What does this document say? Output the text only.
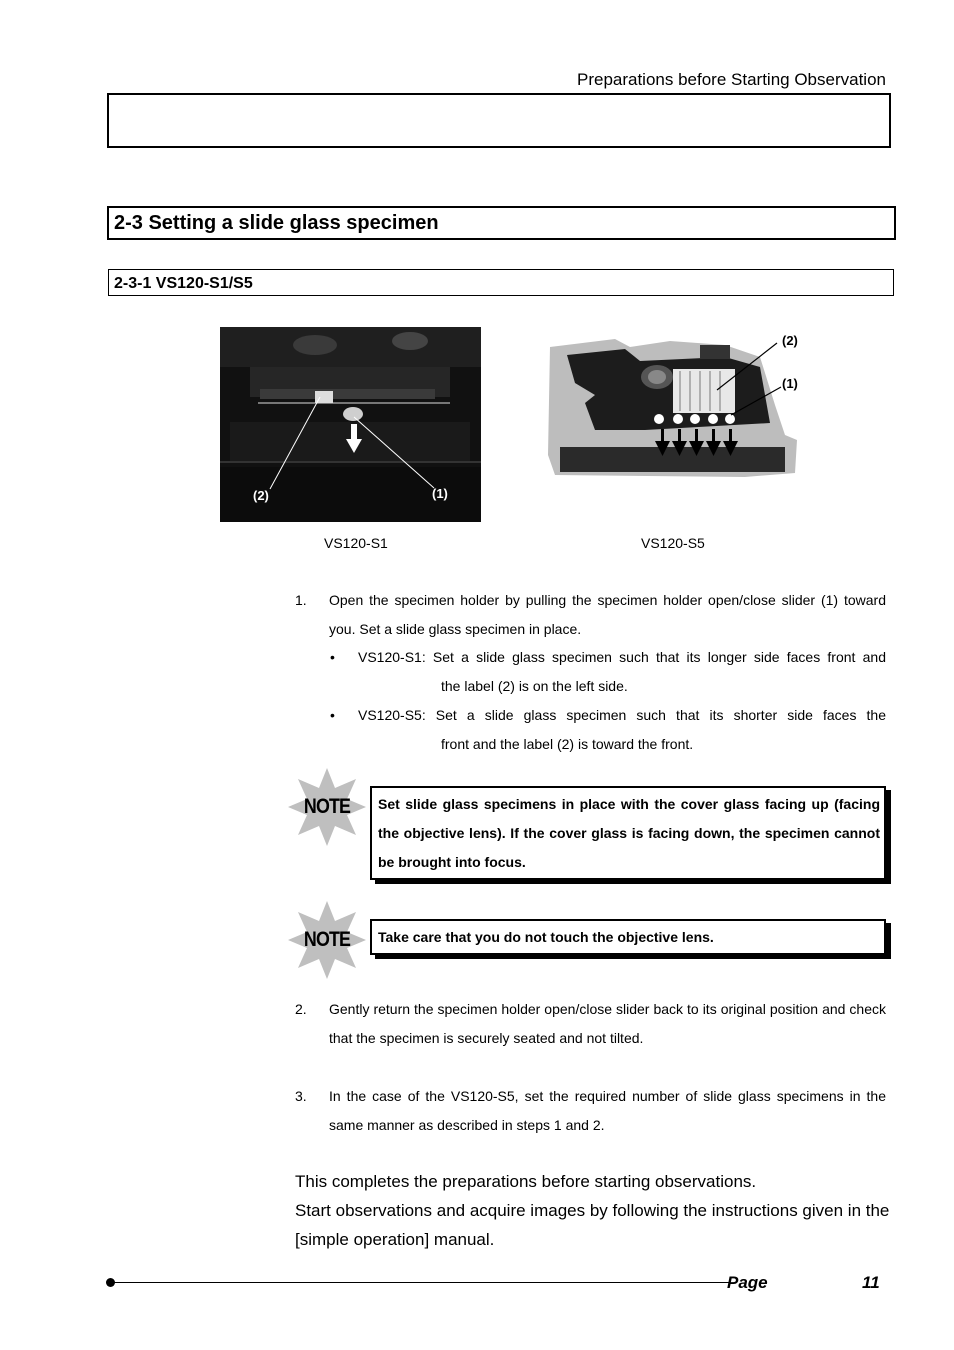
Preparations before Starting Observation
2-3 Setting a slide glass specimen
2-3-1 VS120-S1/S5
(2)	(1)
VS120-S1
(2)
(1)
VS120-S5
1. Open the specimen holder by pulling the specimen holder open/close slider (1) toward you. Set a slide glass specimen in place.
• VS120-S1: Set a slide glass specimen such that its longer side faces front and
the label (2) is on the left side.
• VS120-S5: Set a slide glass specimen such that its shorter side faces the
front and the label (2) is toward the front.
NOTE Set slide glass specimens in place with the cover glass facing up (facing the objective lens). If the cover glass is facing down, the specimen cannot be brought into focus.
NOTE Take care that you do not touch the objective lens.
2. Gently return the specimen holder open/close slider back to its original position and check that the specimen is securely seated and not tilted.
3. In the case of the VS120-S5, set the required number of slide glass specimens in the same manner as described in steps 1 and 2.
This completes the preparations before starting observations.
Start observations and acquire images by following the instructions given in the [simple operation] manual.
Page	11
